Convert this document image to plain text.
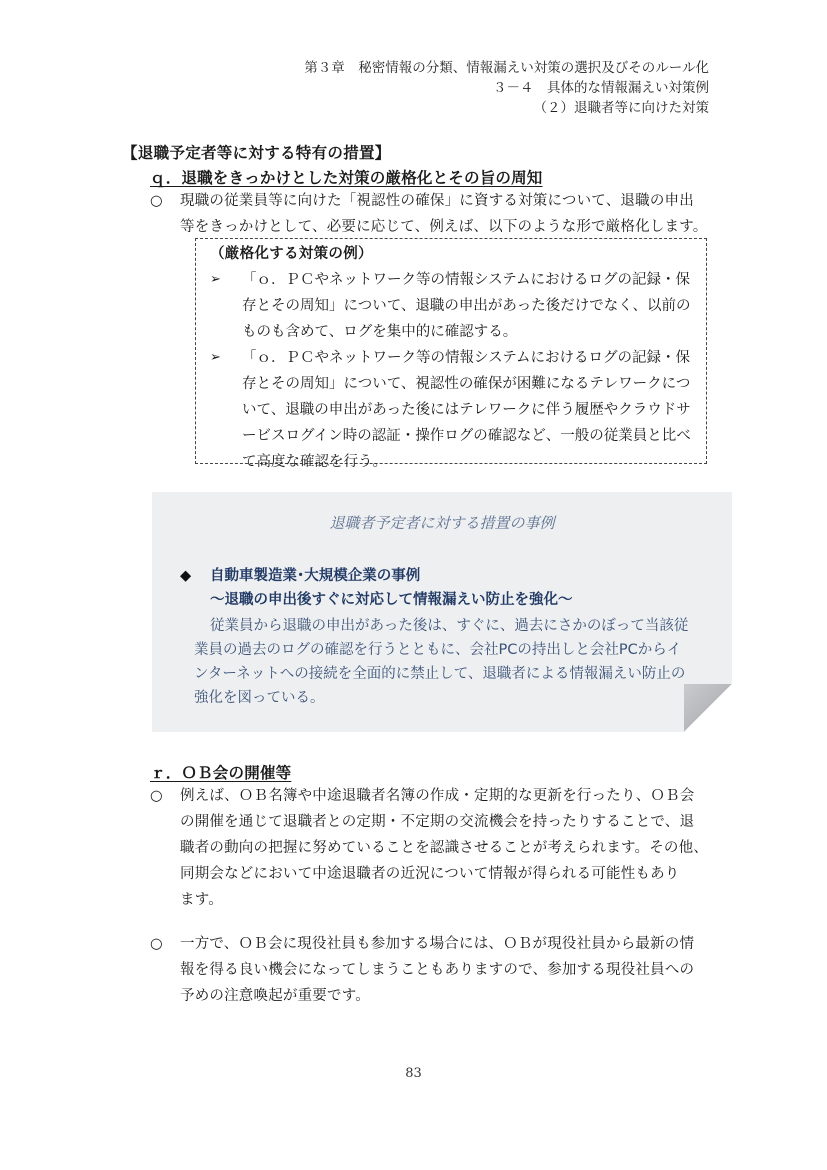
第３章　秘密情報の分類、情報漏えい対策の選択及びそのルール化
３－４　具体的な情報漏えい対策例
（２）退職者等に向けた対策
【退職予定者等に対する特有の措置】
ｑ．退職をきっかけとした対策の厳格化とその旨の周知
○ 現職の従業員等に向けた「視認性の確保」に資する対策について、退職の申出
等をきっかけとして、必要に応じて、例えば、以下のような形で厳格化します。
（厳格化する対策の例）
➢ 「ｏ．ＰＣやネットワーク等の情報システムにおけるログの記録・保
存とその周知」について、退職の申出があった後だけでなく、以前の
ものも含めて、ログを集中的に確認する。
➢ 「ｏ．ＰＣやネットワーク等の情報システムにおけるログの記録・保
存とその周知」について、視認性の確保が困難になるテレワークにつ
いて、退職の申出があった後にはテレワークに伴う履歴やクラウドサ
ービスログイン時の認証・操作ログの確認など、一般の従業員と比べ
て高度な確認を行う。
退職者予定者に対する措置の事例
◆ 自動車製造業･大規模企業の事例
～退職の申出後すぐに対応して情報漏えい防止を強化～
従業員から退職の申出があった後は、すぐに、過去にさかのぼって当該従
業員の過去のログの確認を行うとともに、会社PCの持出しと会社PCからイ
ンターネットへの接続を全面的に禁止して、退職者による情報漏えい防止の
強化を図っている。
ｒ．ＯＢ会の開催等
○ 例えば、ＯＢ名簿や中途退職者名簿の作成・定期的な更新を行ったり、ＯＢ会
の開催を通じて退職者との定期・不定期の交流機会を持ったりすることで、退
職者の動向の把握に努めていることを認識させることが考えられます。その他、
同期会などにおいて中途退職者の近況について情報が得られる可能性もあり
ます。
○ 一方で、ＯＢ会に現役社員も参加する場合には、ＯＢが現役社員から最新の情
報を得る良い機会になってしまうこともありますので、参加する現役社員への
予めの注意喚起が重要です。
83
